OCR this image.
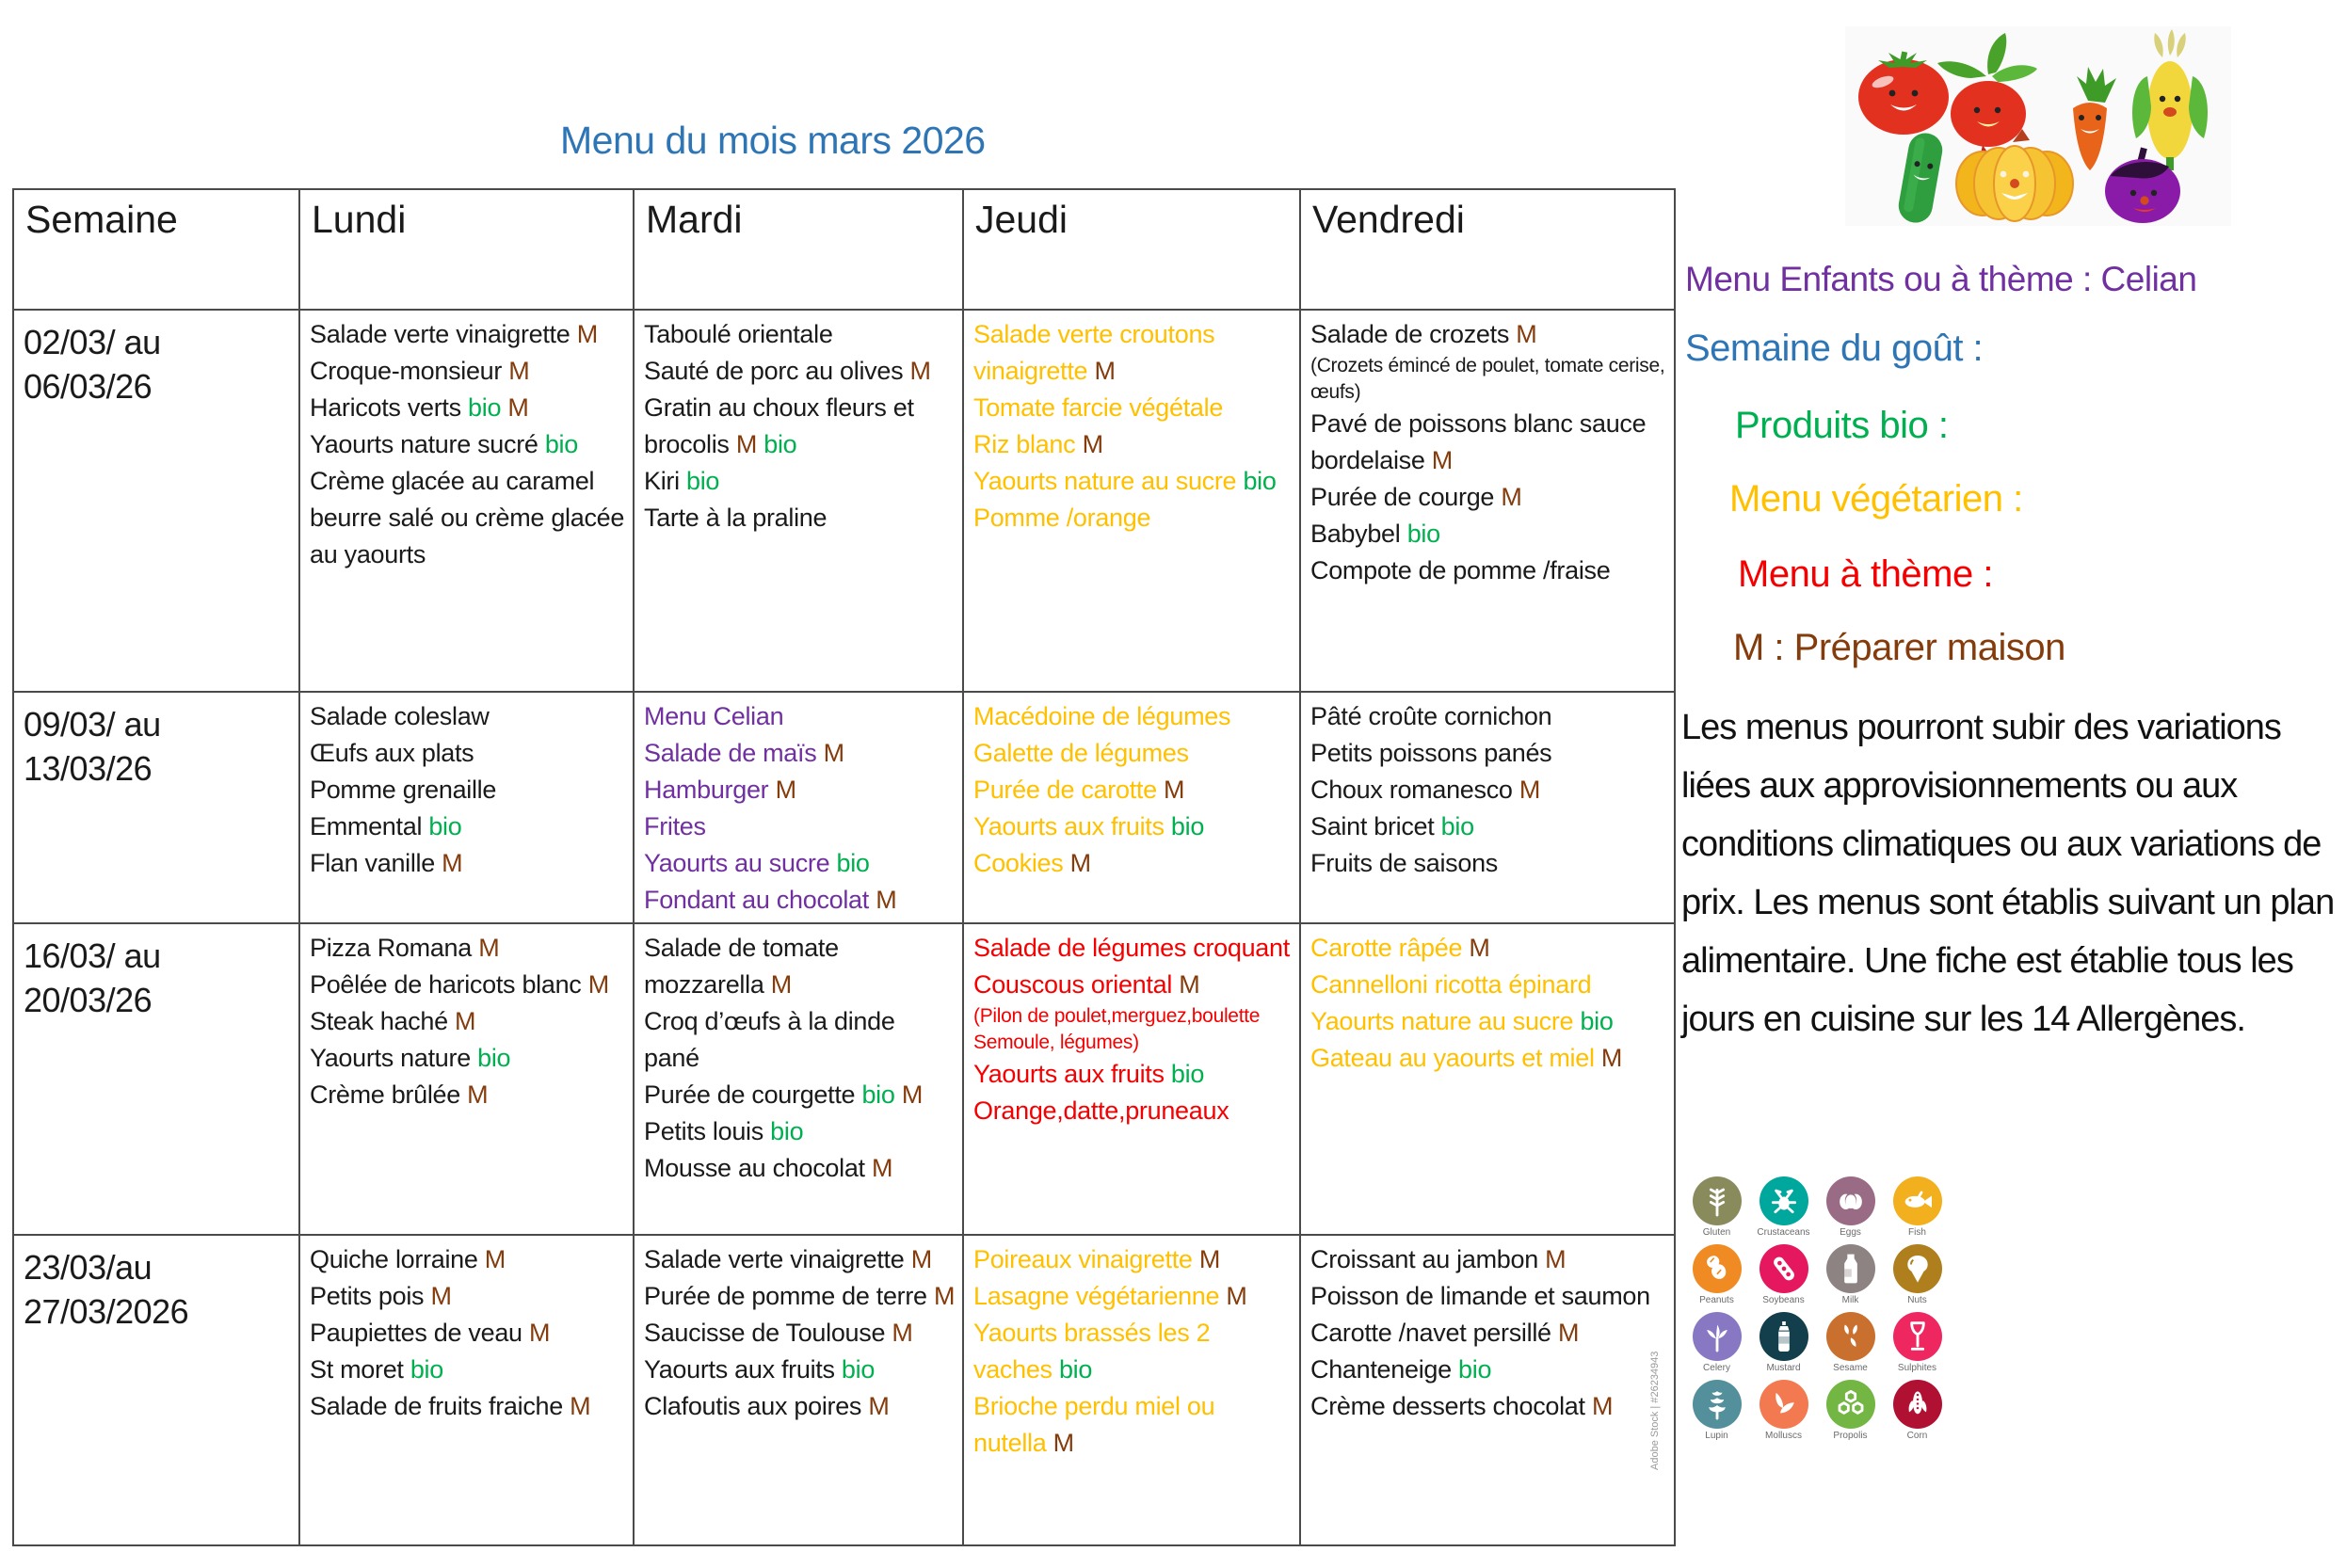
Menu du mois mars 2026
Semaine	Lundi	Mardi	Jeudi	Vendredi
02/03/ au 06/03/26	
Salade verte vinaigrette M
Croque-monsieur M
Haricots verts bio M
Yaourts nature sucré bio
Crème glacée au caramel beurre salé ou crème glacée au yaourts

Taboulé orientale
Sauté de porc au olives M
Gratin au choux fleurs et brocolis M bio
Kiri bio
Tarte à la praline

Salade verte croutons vinaigrette M
Tomate farcie végétale
Riz blanc M
Yaourts nature au sucre bio
Pomme /orange

Salade de crozets M
(Crozets émincé de poulet, tomate cerise, œufs)
Pavé de poissons blanc sauce bordelaise M
Purée de courge M
Babybel bio
Compote de pomme /fraise

09/03/ au 13/03/26	
Salade coleslaw
Œufs aux plats
Pomme grenaille
Emmental bio
Flan vanille M

Menu Celian
Salade de maïs M
Hamburger M
Frites
Yaourts au sucre bio
Fondant au chocolat M

Macédoine de légumes
Galette de légumes
Purée de carotte M
Yaourts aux fruits bio
Cookies M

Pâté croûte cornichon
Petits poissons panés
Choux romanesco M
Saint bricet bio
Fruits de saisons

16/03/ au 20/03/26	
Pizza Romana M
Poêlée de haricots blanc M
Steak haché M
Yaourts nature bio
Crème brûlée M

Salade de tomate mozzarella M
Croq d’œufs à la dinde pané
Purée de courgette bio M
Petits louis bio
Mousse au chocolat M

Salade de légumes croquant
Couscous oriental M
(Pilon de poulet,merguez,boulette Semoule, légumes)
Yaourts aux fruits bio
Orange,datte,pruneaux

Carotte râpée M
Cannelloni ricotta épinard
Yaourts nature au sucre bio
Gateau au yaourts et miel M

23/03/au 27/03/2026	
Quiche lorraine M
Petits pois M
Paupiettes de veau M
St moret bio
Salade de fruits fraiche M

Salade verte vinaigrette M
Purée de pomme de terre M
Saucisse de Toulouse M
Yaourts aux fruits bio
Clafoutis aux poires M

Poireaux vinaigrette M
Lasagne végétarienne M
Yaourts brassés les 2 vaches bio
Brioche perdu miel ou nutella M

Croissant au jambon M
Poisson de limande et saumon
Carotte /navet persillé M
Chanteneige bio
Crème desserts chocolat M
Menu Enfants ou à thème : Celian
Semaine du goût :
Produits bio :
Menu végétarien :
Menu à thème :
M : Préparer maison
Les menus pourront subir des variations liées aux approvisionnements ou aux conditions climatiques ou aux variations de prix. Les menus sont établis suivant un plan alimentaire. Une fiche est établie tous les jours en cuisine sur les 14 Allergènes.
Gluten	Crustaceans	Eggs	Fish
Peanuts	Soybeans	Milk	Nuts
Celery	Mustard	Sesame	Sulphites
Lupin	Molluscs	Propolis	Corn
Adobe Stock | #26234943
